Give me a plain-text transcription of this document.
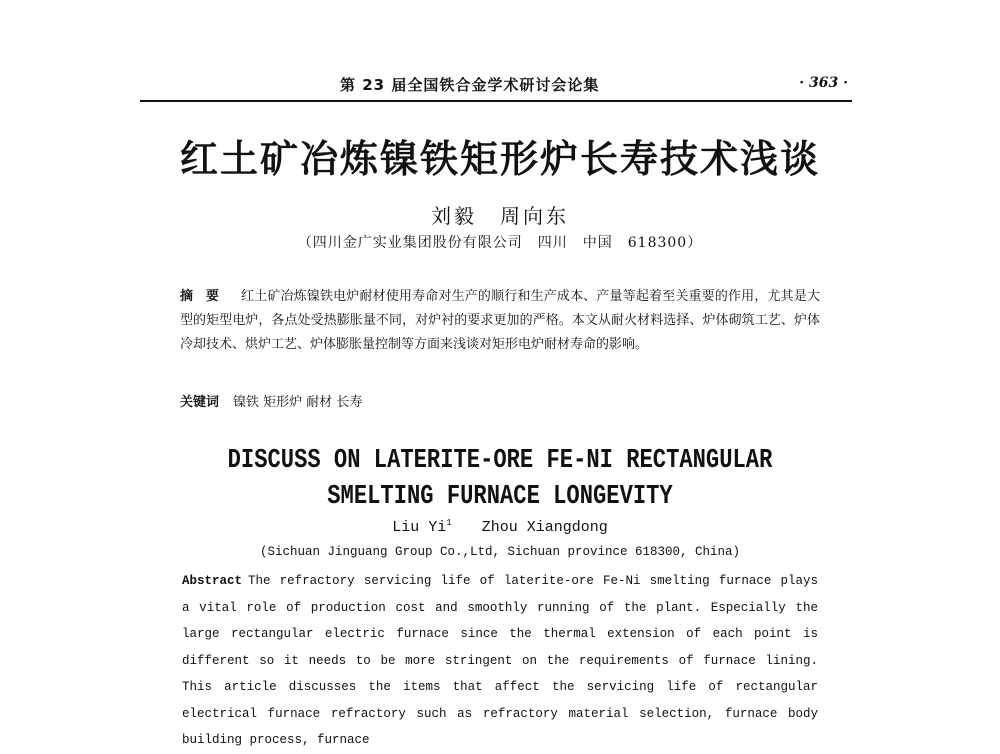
第 23 届全国铁合金学术研讨会论集	· 363 ·
红土矿冶炼镍铁矩形炉长寿技术浅谈
刘毅　周向东
（四川金广实业集团股份有限公司　四川　中国　618300）
摘 要 红土矿冶炼镍铁电炉耐材使用寿命对生产的顺行和生产成本、产量等起着至关重要的作用，尤其是大型的矩型电炉，各点处受热膨胀量不同，对炉衬的要求更加的严格。本文从耐火材料选择、炉体砌筑工艺、炉体冷却技术、烘炉工艺、炉体膨胀量控制等方面来浅谈对矩形电炉耐材寿命的影响。
关键词 镍铁 矩形炉 耐材 长寿
DISCUSS ON LATERITE-ORE FE-NI RECTANGULAR
SMELTING FURNACE LONGEVITY
Liu Yi$^1$ Zhou Xiangdong
(Sichuan Jinguang Group Co.,Ltd, Sichuan province 618300, China)
Abstract The refractory servicing life of laterite-ore Fe-Ni smelting furnace plays a vital role of production cost and smoothly running of the plant. Especially the large rectangular electric furnace since the thermal extension of each point is different so it needs to be more stringent on the requirements of furnace lining. This article discusses the items that affect the servicing life of rectangular electrical furnace refractory such as refractory material selection, furnace body building process, furnace
